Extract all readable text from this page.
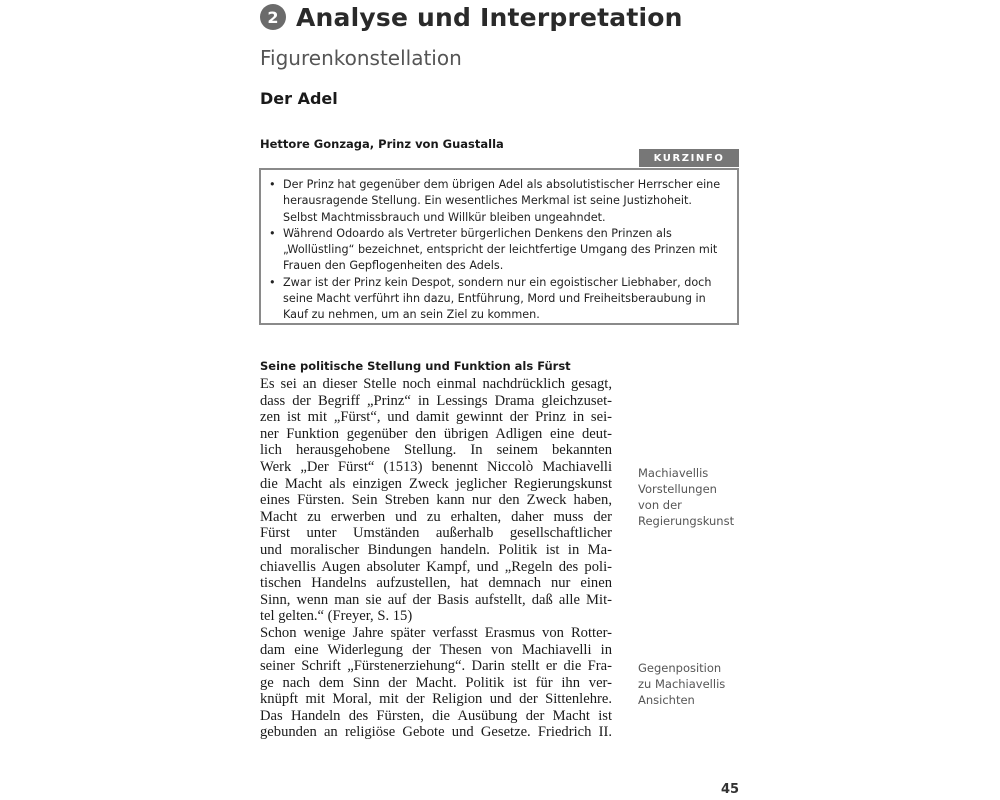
2 Analyse und Interpretation
Figurenkonstellation
Der Adel
Hettore Gonzaga, Prinz von Guastalla
KURZINFO
• Der Prinz hat gegenüber dem übrigen Adel als absolutistischer Herrscher eine
herausragende Stellung. Ein wesentliches Merkmal ist seine Justizhoheit.
Selbst Machtmissbrauch und Willkür bleiben ungeahndet.
• Während Odoardo als Vertreter bürgerlichen Denkens den Prinzen als
„Wollüstling“ bezeichnet, entspricht der leichtfertige Umgang des Prinzen mit
Frauen den Gepflogenheiten des Adels.
• Zwar ist der Prinz kein Despot, sondern nur ein egoistischer Liebhaber, doch
seine Macht verführt ihn dazu, Entführung, Mord und Freiheitsberaubung in
Kauf zu nehmen, um an sein Ziel zu kommen.
Seine politische Stellung und Funktion als Fürst
Es sei an dieser Stelle noch einmal nachdrücklich gesagt,
dass der Begriff „Prinz“ in Lessings Drama gleichzuset-
zen ist mit „Fürst“, und damit gewinnt der Prinz in sei-
ner Funktion gegenüber den übrigen Adligen eine deut-
lich herausgehobene Stellung. In seinem bekannten
Werk „Der Fürst“ (1513) benennt Niccolò Machiavelli
die Macht als einzigen Zweck jeglicher Regierungskunst
eines Fürsten. Sein Streben kann nur den Zweck haben,
Macht zu erwerben und zu erhalten, daher muss der
Fürst unter Umständen außerhalb gesellschaftlicher
und moralischer Bindungen handeln. Politik ist in Ma-
chiavellis Augen absoluter Kampf, und „Regeln des poli-
tischen Handelns aufzustellen, hat demnach nur einen
Sinn, wenn man sie auf der Basis aufstellt, daß alle Mit-
tel gelten.“ (Freyer, S. 15)
Schon wenige Jahre später verfasst Erasmus von Rotter-
dam eine Widerlegung der Thesen von Machiavelli in
seiner Schrift „Fürstenerziehung“. Darin stellt er die Fra-
ge nach dem Sinn der Macht. Politik ist für ihn ver-
knüpft mit Moral, mit der Religion und der Sittenlehre.
Das Handeln des Fürsten, die Ausübung der Macht ist
gebunden an religiöse Gebote und Gesetze. Friedrich II.
Machiavellis
Vorstellungen
von der
Regierungskunst
Gegenposition
zu Machiavellis
Ansichten
45
